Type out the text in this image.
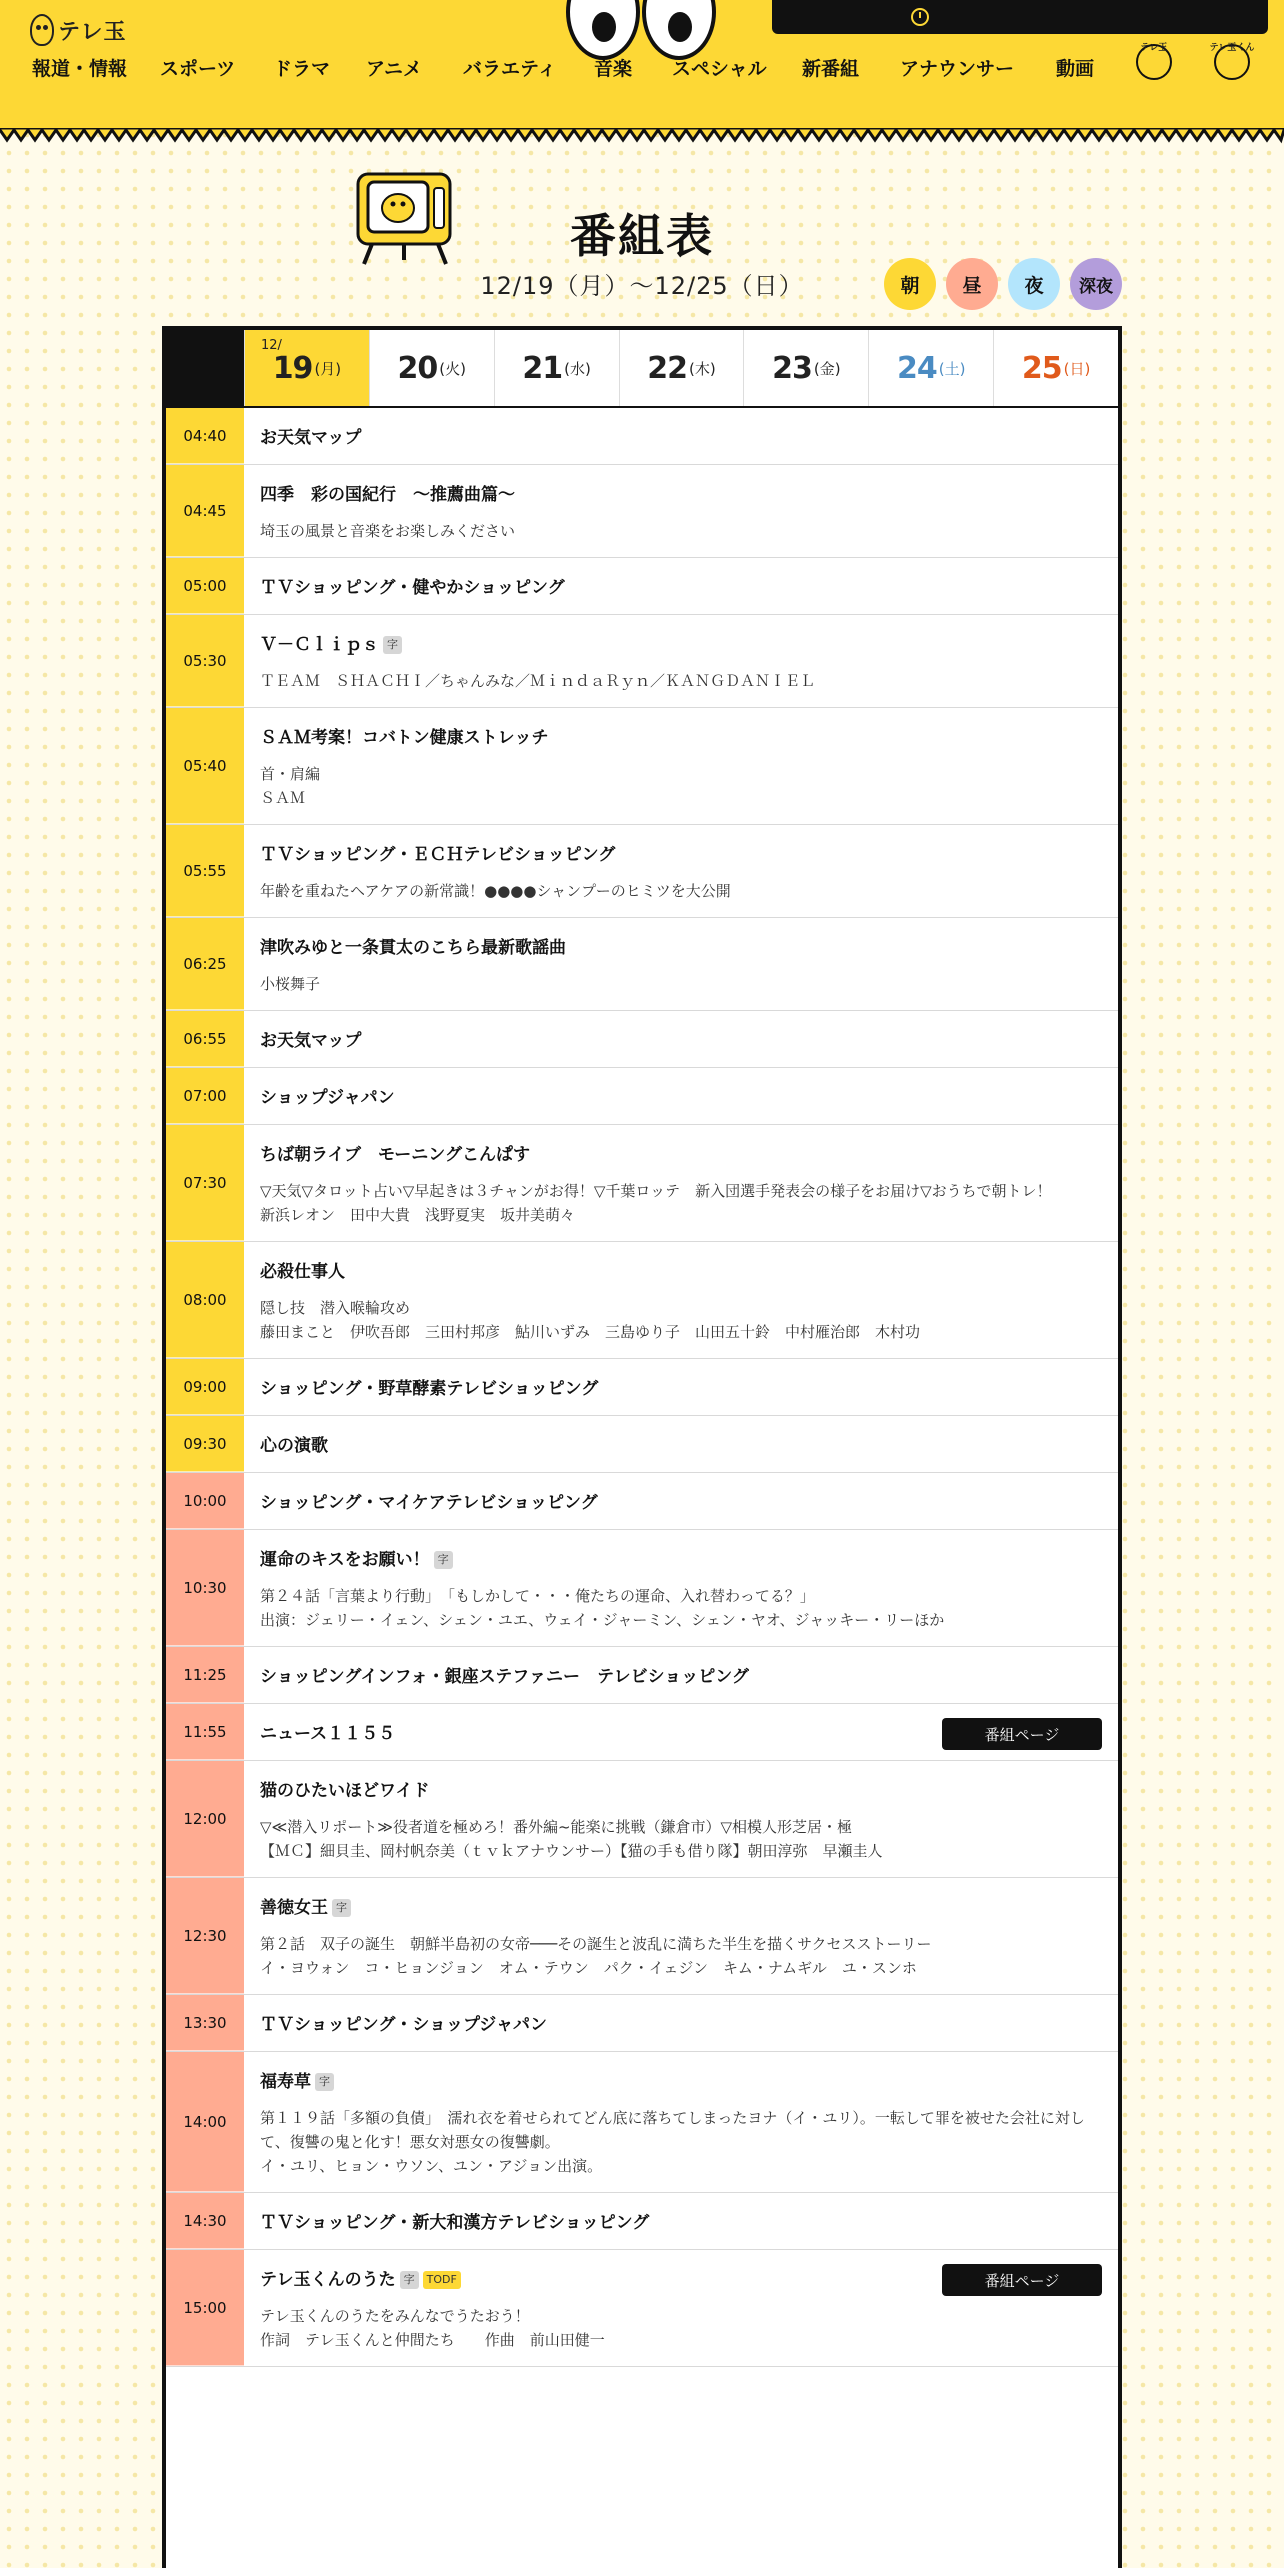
テレ玉
報道・情報 スポーツ ドラマ アニメ バラエティ 音楽 スペシャル 新番組 アナウンサー 動画
テレ玉	テレ玉くん
番組表
12/19（月）〜12/25（日）	朝	昼	夜	深夜
12/
19 (月) 20 (火) 21 (水) 22 (木) 23 (金) 24 (土) 25 (日)
04:40	お天気マップ
04:45
四季　彩の国紀行　～推薦曲篇～
埼玉の風景と音楽をお楽しみください
05:00	ＴＶショッピング・健やかショッピング
05:30
Ｖ－Ｃｌｉｐｓ 字
ＴＥＡＭ　ＳＨＡＣＨＩ／ちゃんみな／ＭｉｎｄａＲｙｎ／ＫＡＮＧＤＡＮＩＥＬ
05:40
ＳＡＭ考案！コバトン健康ストレッチ
首・肩編
ＳＡＭ
05:55
ＴＶショッピング・ＥＣＨテレビショッピング
年齢を重ねたヘアケアの新常識！●●●●シャンプーのヒミツを大公開
06:25
津吹みゆと一条貫太のこちら最新歌謡曲
小桜舞子
06:55	お天気マップ
07:00	ショップジャパン
07:30
ちば朝ライブ　モーニングこんぱす
▽天気▽タロット占い▽早起きは３チャンがお得！▽千葉ロッテ　新入団選手発表会の様子をお届け▽おうちで朝トレ！
新浜レオン　田中大貴　浅野夏実　坂井美萌々
08:00
必殺仕事人
隠し技　潜入喉輪攻め
藤田まこと　伊吹吾郎　三田村邦彦　鮎川いずみ　三島ゆり子　山田五十鈴　中村雁治郎　木村功
09:00	ショッピング・野草酵素テレビショッピング
09:30	心の演歌
10:00	ショッピング・マイケアテレビショッピング
10:30
運命のキスをお願い！ 字
第２４話「言葉より行動」　「もしかして・・・俺たちの運命、入れ替わってる？」
出演：ジェリー・イェン、シェン・ユエ、ウェイ・ジャーミン、シェン・ヤオ、ジャッキー・リーほか
11:25	ショッピングインフォ・銀座ステファニー　テレビショッピング
11:55	ニュース１１５５	番組ページ
12:00
猫のひたいほどワイド
▽≪潜入リポート≫役者道を極めろ！番外編~能楽に挑戦（鎌倉市）▽相模人形芝居・極
【ＭＣ】細貝圭、岡村帆奈美（ｔｖｋアナウンサー）【猫の手も借り隊】朝田淳弥　早瀬圭人
12:30
善徳女王 字
第２話　双子の誕生　朝鮮半島初の女帝───その誕生と波乱に満ちた半生を描くサクセスストーリー
イ・ヨウォン　コ・ヒョンジョン　オム・テウン　パク・イェジン　キム・ナムギル　ユ・スンホ
13:30	ＴＶショッピング・ショップジャパン
14:00
福寿草 字
第１１９話「多額の負債」　濡れ衣を着せられてどん底に落ちてしまったヨナ（イ・ユリ）。一転して罪を被せた会社に対して、復讐の鬼と化す！悪女対悪女の復讐劇。
イ・ユリ、ヒョン・ウソン、ユン・アジョン出演。
14:30	ＴＶショッピング・新大和漢方テレビショッピング
15:00
テレ玉くんのうた 字	TODF
テレ玉くんのうたをみんなでうたおう！
作詞　テレ玉くんと仲間たち　　作曲　前山田健一
番組ページ
